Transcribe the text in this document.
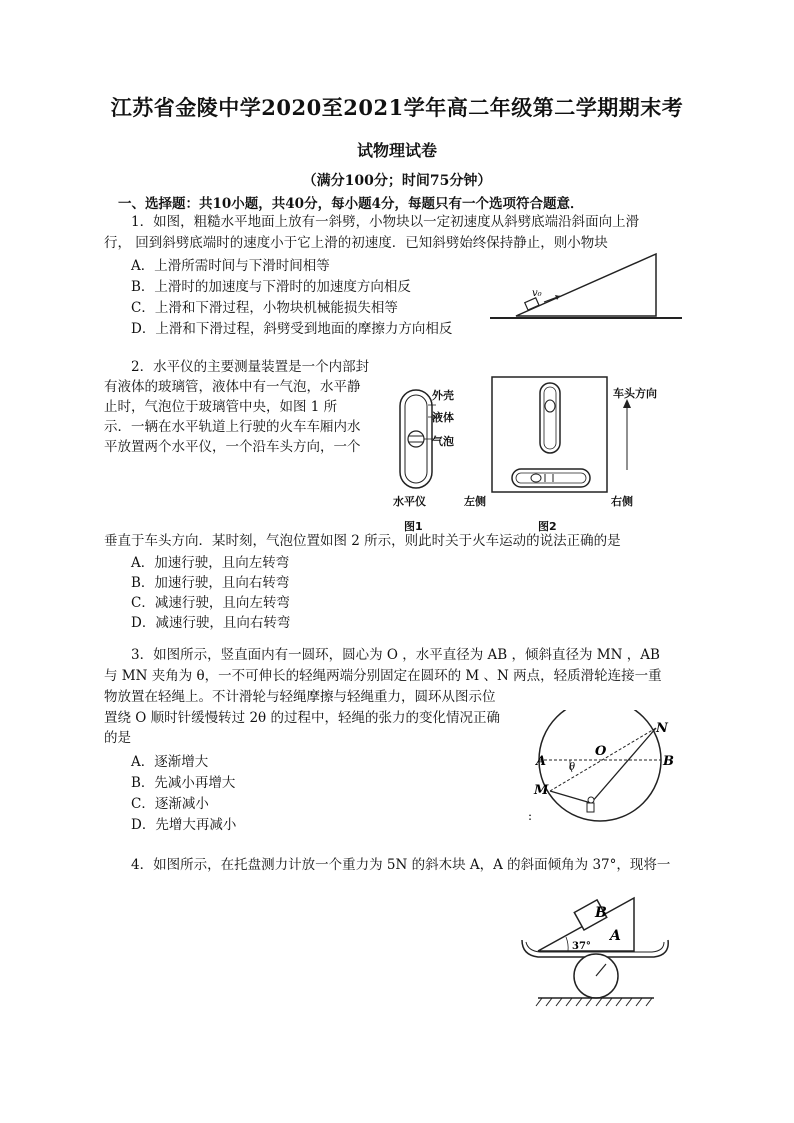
江苏省金陵中学2020至2021学年高二年级第二学期期末考
试物理试卷
（满分100分；时间75分钟）
一、选择题：共10小题，共40分，每小题4分，每题只有一个选项符合题意．
1．如图，粗糙水平地面上放有一斜劈，小物块以一定初速度从斜劈底端沿斜面向上滑
行， 回到斜劈底端时的速度小于它上滑的初速度．已知斜劈始终保持静止，则小物块
A．上滑所需时间与下滑时间相等
B．上滑时的加速度与下滑时的加速度方向相反
C．上滑和下滑过程，小物块机械能损失相等
D．上滑和下滑过程，斜劈受到地面的摩擦力方向相反
v₀
2．水平仪的主要测量装置是一个内部封
有液体的玻璃管，液体中有一气泡，水平静
止时，气泡位于玻璃管中央，如图 1 所
示．一辆在水平轨道上行驶的火车车厢内水
平放置两个水平仪，一个沿车头方向，一个
外壳
液体
气泡
水平仪
图1
车头方向
左侧	右侧
图2
垂直于车头方向．某时刻，气泡位置如图 2 所示，则此时关于火车运动的说法正确的是
A．加速行驶，且向左转弯
B．加速行驶，且向右转弯
C．减速行驶，且向左转弯
D．减速行驶，且向右转弯
3．如图所示，竖直面内有一圆环，圆心为 O ，水平直径为 AB ，倾斜直径为 MN ，AB
与 MN 夹角为 θ，一不可伸长的轻绳两端分别固定在圆环的 M 、N 两点，轻质滑轮连接一重
物放置在轻绳上。不计滑轮与轻绳摩擦与轻绳重力，圆环从图示位
置绕 O 顺时针缓慢转过 2θ 的过程中，轻绳的张力的变化情况正确
的是
A．逐渐增大
B．先减小再增大
C．逐渐减小
D．先增大再减小
A	B
O
N
M
θ
:
4．如图所示，在托盘测力计放一个重力为 5N 的斜木块 A，A 的斜面倾角为 37°，现将一
B
A
37°
